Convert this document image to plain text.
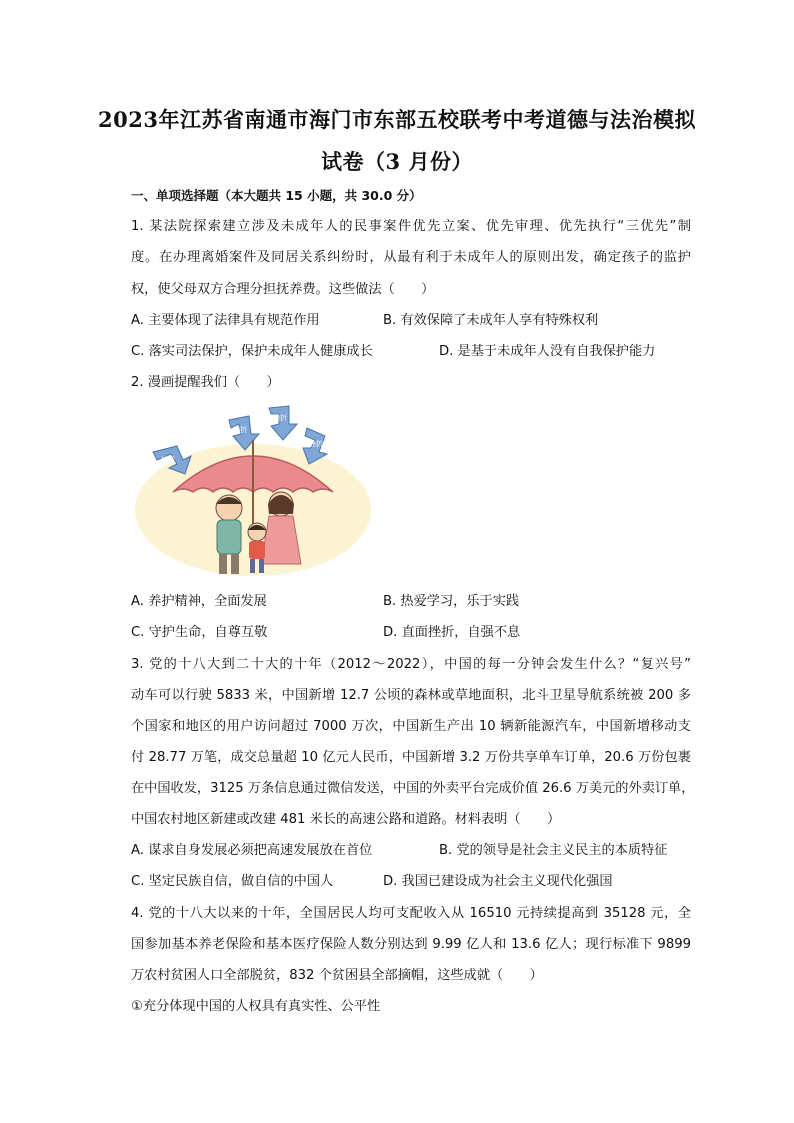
2023年江苏省南通市海门市东部五校联考中考道德与法治模拟
试卷（3 月份）
一、单项选择题（本大题共 15 小题，共 30.0 分）
1. 某法院探索建立涉及未成年人的民事案件优先立案、优先审理、优先执行“三优先”制
度。在办理离婚案件及同居关系纠纷时，从最有利于未成年人的原则出发，确定孩子的监护
权，使父母双方合理分担抚养费。这些做法（　　）
A. 主要体现了法律具有规范作用	B. 有效保障了未成年人享有特殊权利
C. 落实司法保护，保护未成年人健康成长	D. 是基于未成年人没有自我保护能力
2. 漫画提醒我们（　　）
挫折
挫折
挫折
挫折
A. 养护精神，全面发展	B. 热爱学习，乐于实践
C. 守护生命，自尊互敬	D. 直面挫折，自强不息
3. 党的十八大到二十大的十年（2012～2022），中国的每一分钟会发生什么？“复兴号”
动车可以行驶 5833 米，中国新增 12.7 公顷的森林或草地面积，北斗卫星导航系统被 200 多
个国家和地区的用户访问超过 7000 万次，中国新生产出 10 辆新能源汽车，中国新增移动支
付 28.77 万笔，成交总量超 10 亿元人民币，中国新增 3.2 万份共享单车订单，20.6 万份包裹
在中国收发，3125 万条信息通过微信发送，中国的外卖平台完成价值 26.6 万美元的外卖订单，
中国农村地区新建或改建 481 米长的高速公路和道路。材料表明（　　）
A. 谋求自身发展必须把高速发展放在首位	B. 党的领导是社会主义民主的本质特征
C. 坚定民族自信，做自信的中国人	D. 我国已建设成为社会主义现代化强国
4. 党的十八大以来的十年，全国居民人均可支配收入从 16510 元持续提高到 35128 元，全
国参加基本养老保险和基本医疗保险人数分别达到 9.99 亿人和 13.6 亿人；现行标准下 9899
万农村贫困人口全部脱贫，832 个贫困县全部摘帽，这些成就（　　）
①充分体现中国的人权具有真实性、公平性
